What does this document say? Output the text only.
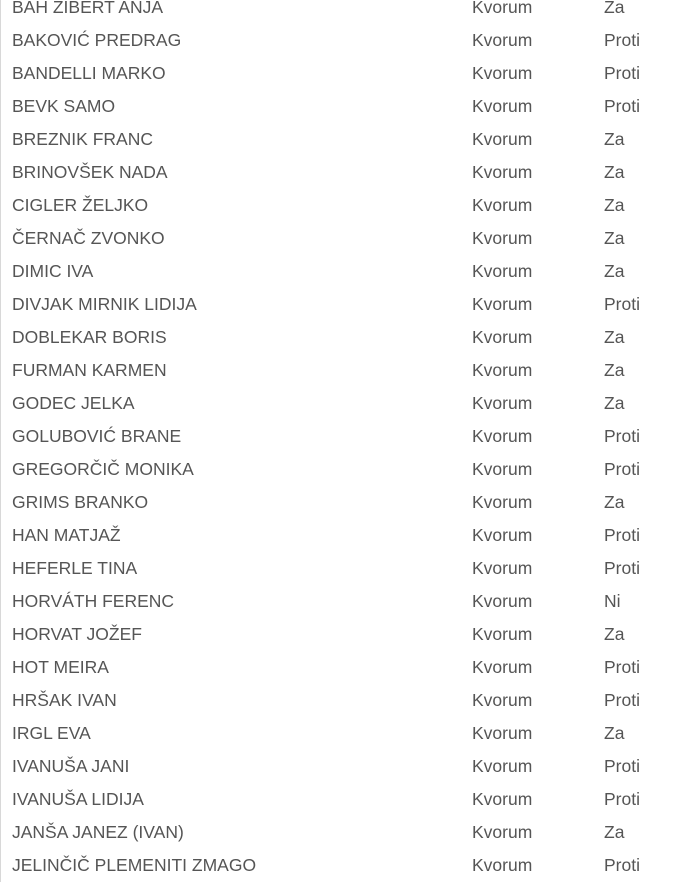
BAH ZIBERT ANJA	Kvorum	Za
BAKOVIĆ PREDRAG	Kvorum	Proti
BANDELLI MARKO	Kvorum	Proti
BEVK SAMO	Kvorum	Proti
BREZNIK FRANC	Kvorum	Za
BRINOVŠEK NADA	Kvorum	Za
CIGLER ŽELJKO	Kvorum	Za
ČERNAČ ZVONKO	Kvorum	Za
DIMIC IVA	Kvorum	Za
DIVJAK MIRNIK LIDIJA	Kvorum	Proti
DOBLEKAR BORIS	Kvorum	Za
FURMAN KARMEN	Kvorum	Za
GODEC JELKA	Kvorum	Za
GOLUBOVIĆ BRANE	Kvorum	Proti
GREGORČIČ MONIKA	Kvorum	Proti
GRIMS BRANKO	Kvorum	Za
HAN MATJAŽ	Kvorum	Proti
HEFERLE TINA	Kvorum	Proti
HORVÁTH FERENC	Kvorum	Ni
HORVAT JOŽEF	Kvorum	Za
HOT MEIRA	Kvorum	Proti
HRŠAK IVAN	Kvorum	Proti
IRGL EVA	Kvorum	Za
IVANUŠA JANI	Kvorum	Proti
IVANUŠA LIDIJA	Kvorum	Proti
JANŠA JANEZ (IVAN)	Kvorum	Za
JELINČIČ PLEMENITI ZMAGO	Kvorum	Proti
